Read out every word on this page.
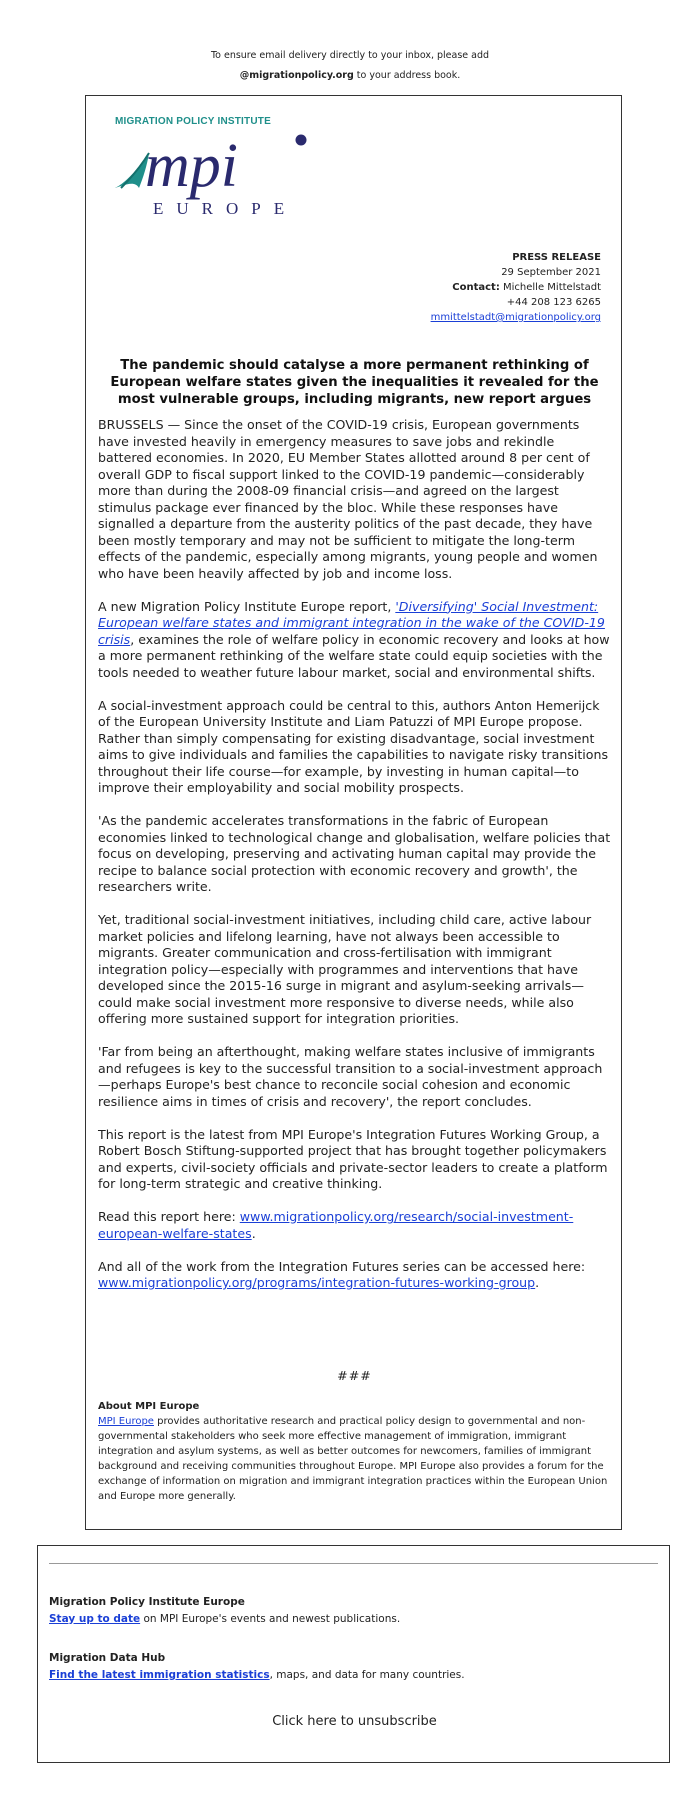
To ensure email delivery directly to your inbox, please add
@migrationpolicy.org to your address book.
MIGRATION POLICY INSTITUTE
mpi
EUROPE
PRESS RELEASE
29 September 2021
Contact: Michelle Mittelstadt
+44 208 123 6265
mmittelstadt@migrationpolicy.org
The pandemic should catalyse a more permanent rethinking of European welfare states given the inequalities it revealed for the most vulnerable groups, including migrants, new report argues

BRUSSELS — Since the onset of the COVID-19 crisis, European governments have invested heavily in emergency measures to save jobs and rekindle battered economies. In 2020, EU Member States allotted around 8 per cent of overall GDP to fiscal support linked to the COVID-19 pandemic—considerably more than during the 2008-09 financial crisis—and agreed on the largest stimulus package ever financed by the bloc. While these responses have signalled a departure from the austerity politics of the past decade, they have been mostly temporary and may not be sufficient to mitigate the long-term effects of the pandemic, especially among migrants, young people and women who have been heavily affected by job and income loss.

A new Migration Policy Institute Europe report, 'Diversifying' Social Investment: European welfare states and immigrant integration in the wake of the COVID-19 crisis, examines the role of welfare policy in economic recovery and looks at how a more permanent rethinking of the welfare state could equip societies with the tools needed to weather future labour market, social and environmental shifts.

A social-investment approach could be central to this, authors Anton Hemerijck of the European University Institute and Liam Patuzzi of MPI Europe propose. Rather than simply compensating for existing disadvantage, social investment aims to give individuals and families the capabilities to navigate risky transitions throughout their life course—for example, by investing in human capital—to improve their employability and social mobility prospects.

'As the pandemic accelerates transformations in the fabric of European economies linked to technological change and globalisation, welfare policies that focus on developing, preserving and activating human capital may provide the recipe to balance social protection with economic recovery and growth', the researchers write.

Yet, traditional social-investment initiatives, including child care, active labour market policies and lifelong learning, have not always been accessible to migrants. Greater communication and cross-fertilisation with immigrant integration policy—especially with programmes and interventions that have developed since the 2015-16 surge in migrant and asylum-seeking arrivals—could make social investment more responsive to diverse needs, while also offering more sustained support for integration priorities.

'Far from being an afterthought, making welfare states inclusive of immigrants and refugees is key to the successful transition to a social-investment approach—perhaps Europe's best chance to reconcile social cohesion and economic resilience aims in times of crisis and recovery', the report concludes.

This report is the latest from MPI Europe's Integration Futures Working Group, a Robert Bosch Stiftung-supported project that has brought together policymakers and experts, civil-society officials and private-sector leaders to create a platform for long-term strategic and creative thinking.

Read this report here: www.migrationpolicy.org/research/social-investment-european-welfare-states.

And all of the work from the Integration Futures series can be accessed here: www.migrationpolicy.org/programs/integration-futures-working-group.

###
About MPI Europe
MPI Europe provides authoritative research and practical policy design to governmental and non-governmental stakeholders who seek more effective management of immigration, immigrant integration and asylum systems, as well as better outcomes for newcomers, families of immigrant background and receiving communities throughout Europe. MPI Europe also provides a forum for the exchange of information on migration and immigrant integration practices within the European Union and Europe more generally.
Migration Policy Institute Europe
Stay up to date on MPI Europe's events and newest publications.
Migration Data Hub
Find the latest immigration statistics, maps, and data for many countries.
Click here to unsubscribe
